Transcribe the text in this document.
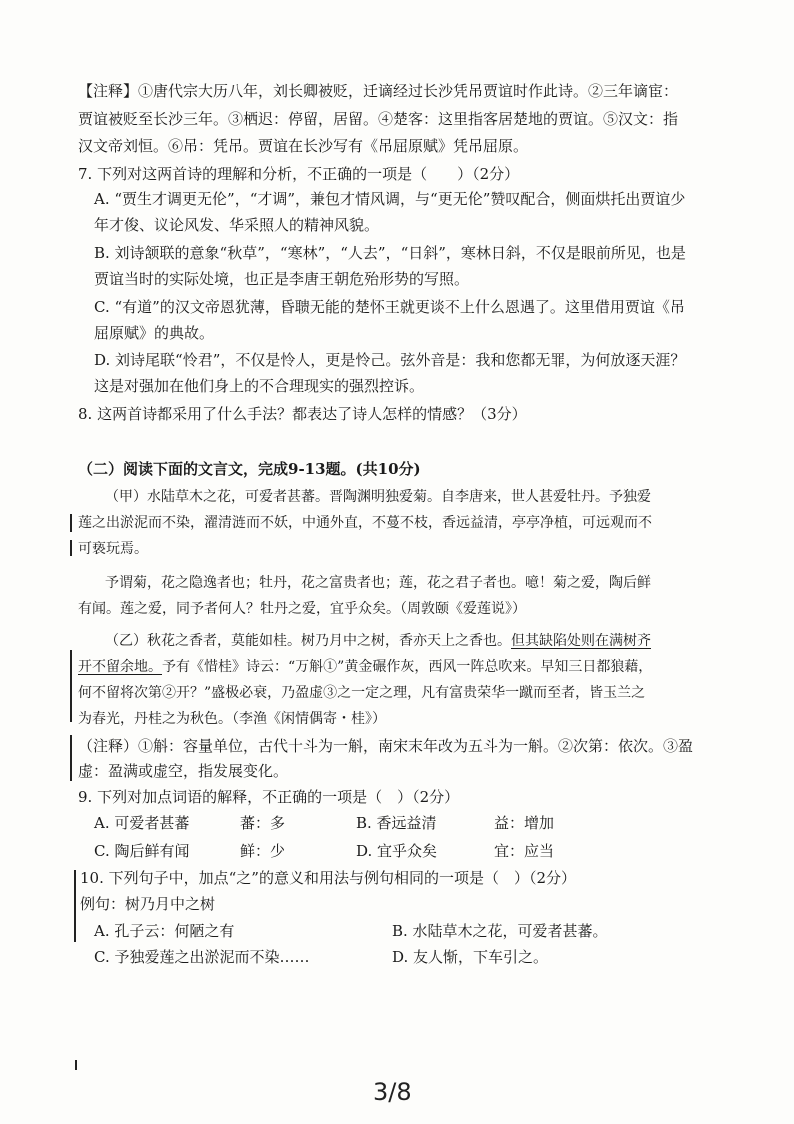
【注释】①唐代宗大历八年，刘长卿被贬，迁谪经过长沙凭吊贾谊时作此诗。②三年谪宦：
贾谊被贬至长沙三年。③栖迟：停留，居留。④楚客：这里指客居楚地的贾谊。⑤汉文：指
汉文帝刘恒。⑥吊：凭吊。贾谊在长沙写有《吊屈原赋》凭吊屈原。
7. 下列对这两首诗的理解和分析，不正确的一项是（　　）（2分）
A. “贾生才调更无伦”，“才调”，兼包才情风调，与“更无伦”赞叹配合，侧面烘托出贾谊少
年才俊、议论风发、华采照人的精神风貌。
B. 刘诗颔联的意象“秋草”，“寒林”，“人去”，“日斜”，寒林日斜，不仅是眼前所见，也是
贾谊当时的实际处境，也正是李唐王朝危殆形势的写照。
C. “有道”的汉文帝恩犹薄，昏聩无能的楚怀王就更谈不上什么恩遇了。这里借用贾谊《吊
屈原赋》的典故。
D. 刘诗尾联“怜君”，不仅是怜人，更是怜己。弦外音是：我和您都无罪，为何放逐天涯？
这是对强加在他们身上的不合理现实的强烈控诉。
8. 这两首诗都采用了什么手法？都表达了诗人怎样的情感？（3分）
（二）阅读下面的文言文，完成9-13题。(共10分)
（甲）水陆草木之花，可爱者甚蕃。晋陶渊明独爱菊。自李唐来，世人甚爱牡丹。予独爱
莲之出淤泥而不染，濯清涟而不妖，中通外直，不蔓不枝，香远益清，亭亭净植，可远观而不
可亵玩焉。
予谓菊，花之隐逸者也；牡丹，花之富贵者也；莲，花之君子者也。噫！菊之爱，陶后鲜
有闻。莲之爱，同予者何人？牡丹之爱，宜乎众矣。（周敦颐《爱莲说》）
（乙）秋花之香者，莫能如桂。树乃月中之树，香亦天上之香也。但其缺陷处则在满树齐
开不留余地。予有《惜桂》诗云：“万斛①”黄金碾作灰，西风一阵总吹来。早知三日都狼藉，
何不留将次第②开？”盛极必衰，乃盈虚③之一定之理，凡有富贵荣华一蹴而至者，皆玉兰之
为春光，丹桂之为秋色。（李渔《闲情偶寄・桂》）
（注释）①斛：容量单位，古代十斗为一斛，南宋末年改为五斗为一斛。②次第：依次。③盈
虚：盈满或虚空，指发展变化。
9. 下列对加点词语的解释，不正确的一项是（　）（2分）
A. 可爱者甚蕃	蕃：多	B. 香远益清	益：增加
C. 陶后鲜有闻	鲜：少	D. 宜乎众矣	宜：应当
10. 下列句子中，加点“之”的意义和用法与例句相同的一项是（　）（2分）
例句：树乃月中之树
A. 孔子云：何陋之有	B. 水陆草木之花，可爱者甚蕃。
C. 予独爱莲之出淤泥而不染……	D. 友人惭，下车引之。
3/8
